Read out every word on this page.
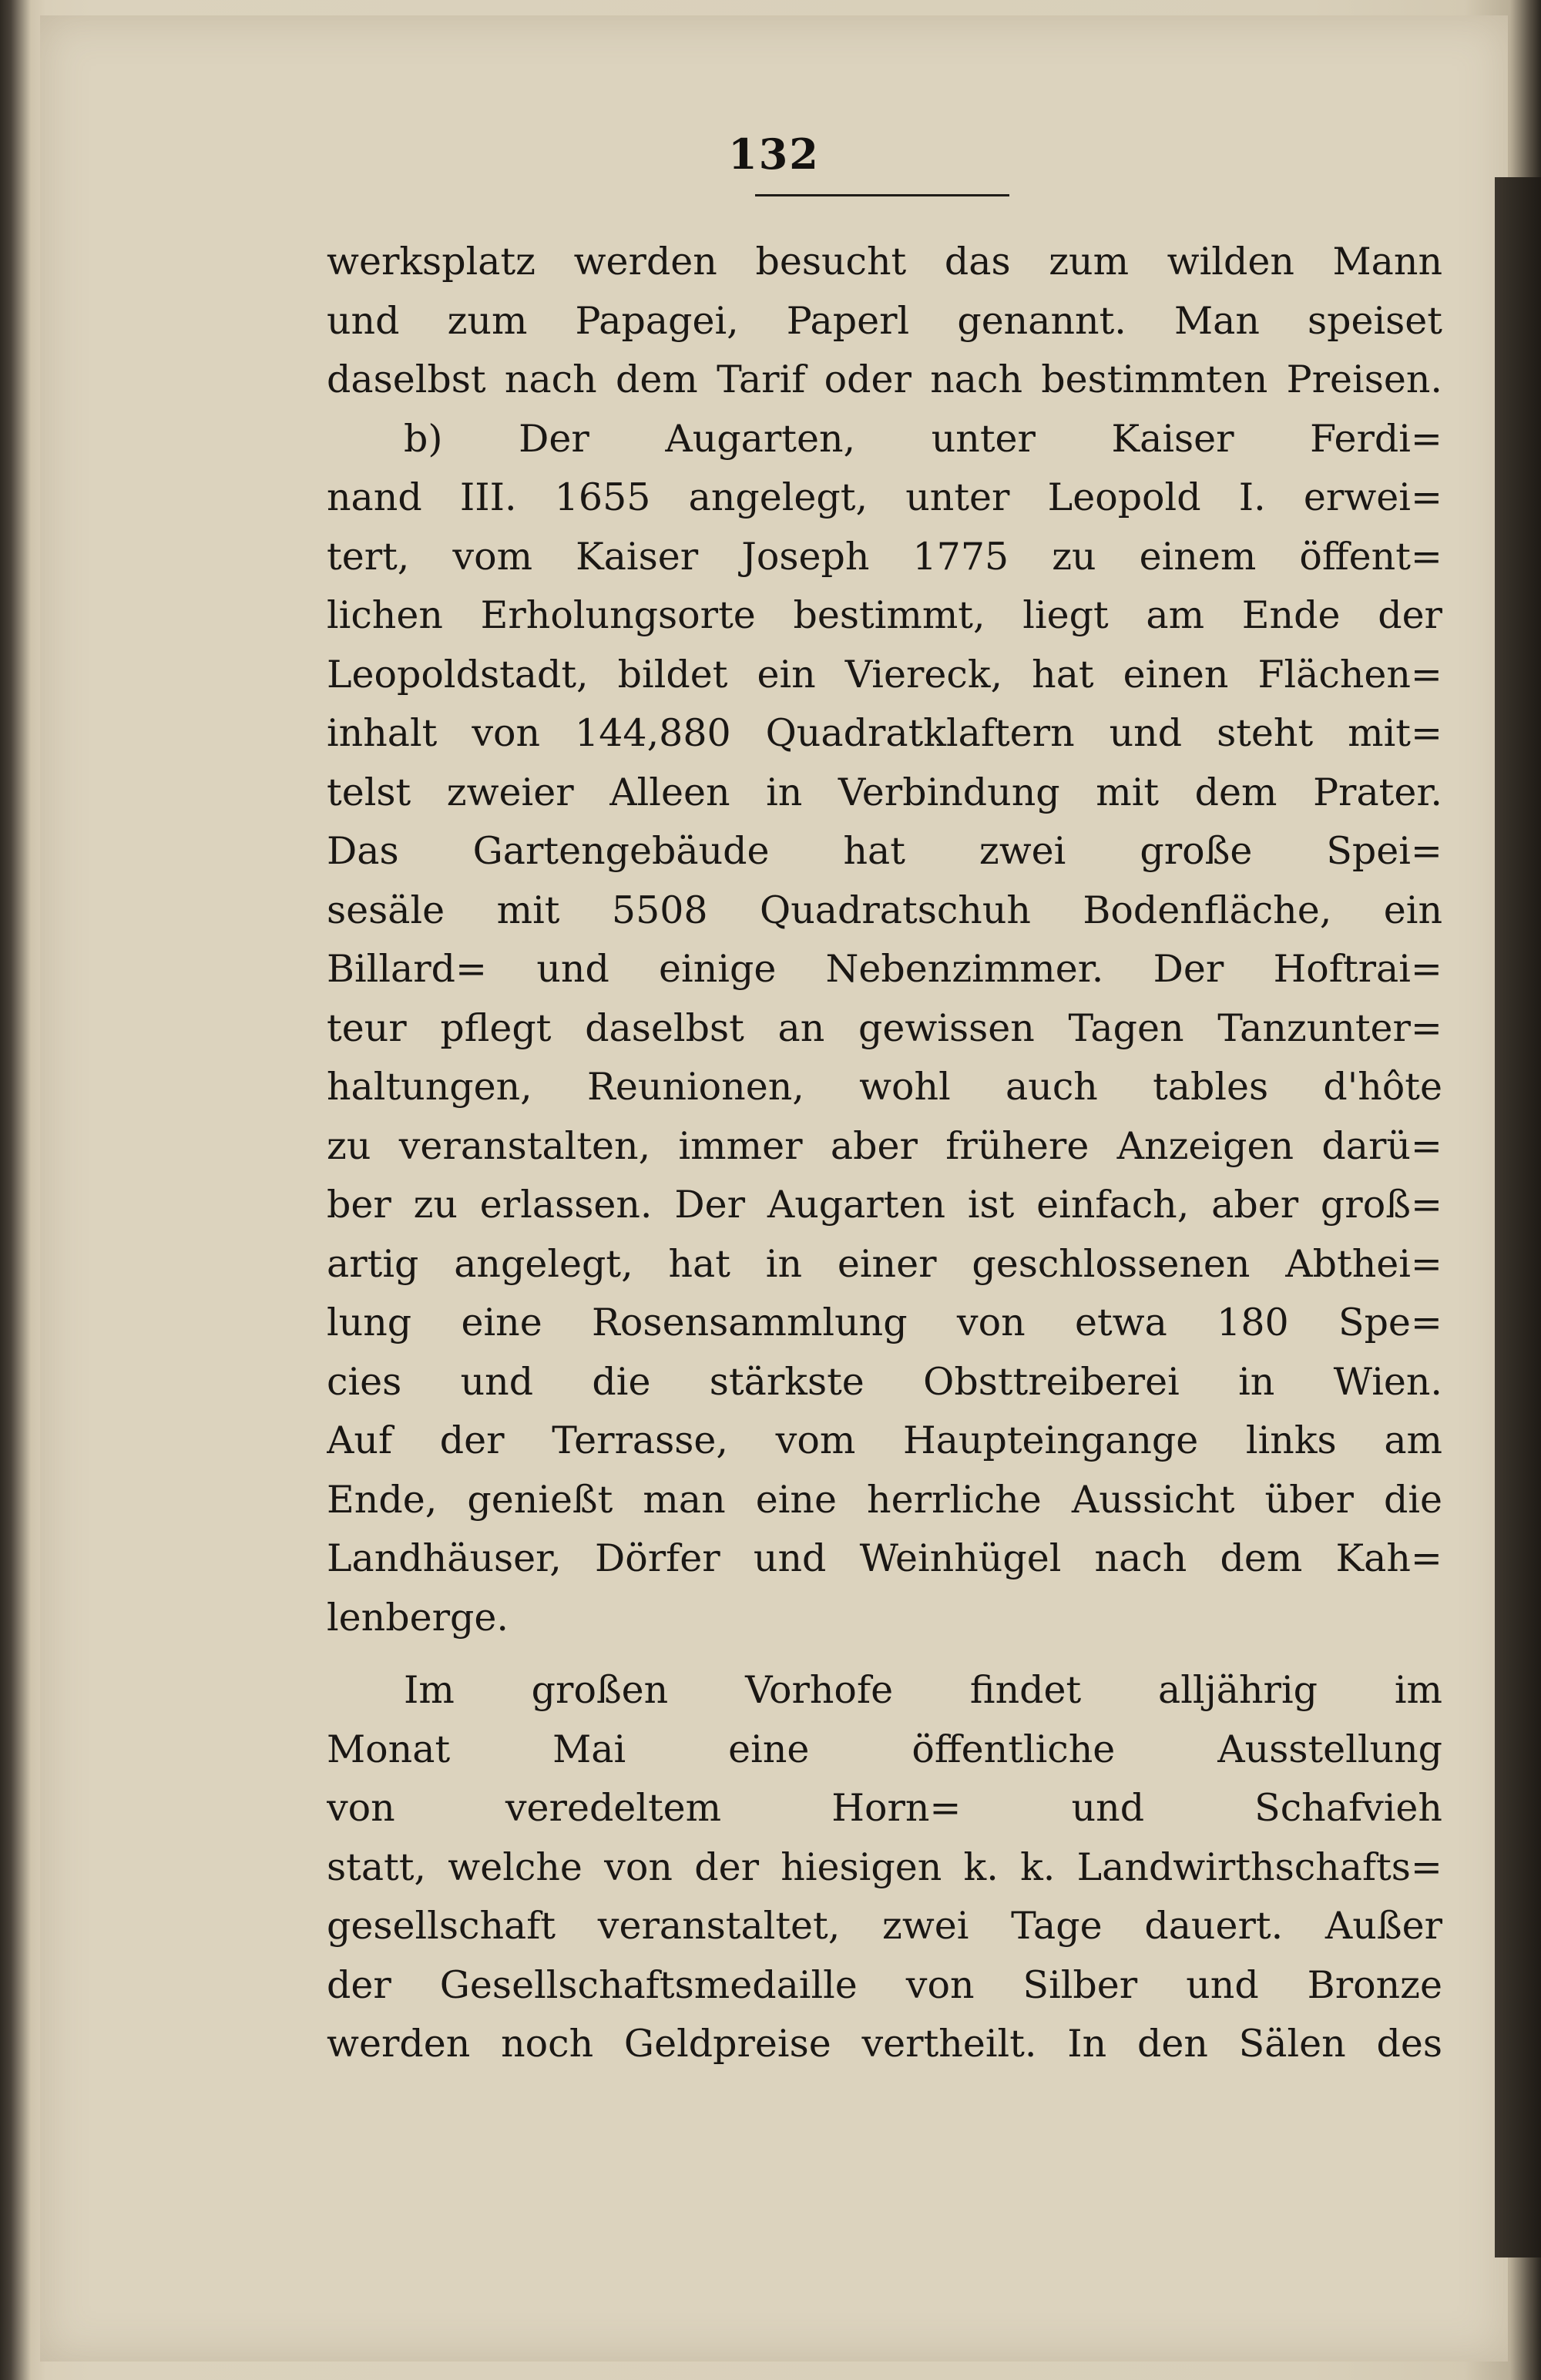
132
werksplatz werden besucht das zum wilden Mann
und zum Papagei, Paperl genannt. Man speiset
daselbst nach dem Tarif oder nach bestimmten Preisen.
b) Der Augarten, unter Kaiser Ferdi=
nand III. 1655 angelegt, unter Leopold I. erwei=
tert, vom Kaiser Joseph 1775 zu einem öffent=
lichen Erholungsorte bestimmt, liegt am Ende der
Leopoldstadt, bildet ein Viereck, hat einen Flächen=
inhalt von 144,880 Quadratklaftern und steht mit=
telst zweier Alleen in Verbindung mit dem Prater.
Das Gartengebäude hat zwei große Spei=
sesäle mit 5508 Quadratschuh Bodenfläche, ein
Billard= und einige Nebenzimmer. Der Hoftrai=
teur pflegt daselbst an gewissen Tagen Tanzunter=
haltungen, Reunionen, wohl auch tables d'hôte
zu veranstalten, immer aber frühere Anzeigen darü=
ber zu erlassen. Der Augarten ist einfach, aber groß=
artig angelegt, hat in einer geschlossenen Abthei=
lung eine Rosensammlung von etwa 180 Spe=
cies und die stärkste Obsttreiberei in Wien.
Auf der Terrasse, vom Haupteingange links am
Ende, genießt man eine herrliche Aussicht über die
Landhäuser, Dörfer und Weinhügel nach dem Kah=
lenberge.
Im großen Vorhofe findet alljährig im
Monat Mai eine öffentliche Ausstellung
von veredeltem Horn= und Schafvieh
statt, welche von der hiesigen k. k. Landwirthschafts=
gesellschaft veranstaltet, zwei Tage dauert. Außer
der Gesellschaftsmedaille von Silber und Bronze
werden noch Geldpreise vertheilt. In den Sälen des
